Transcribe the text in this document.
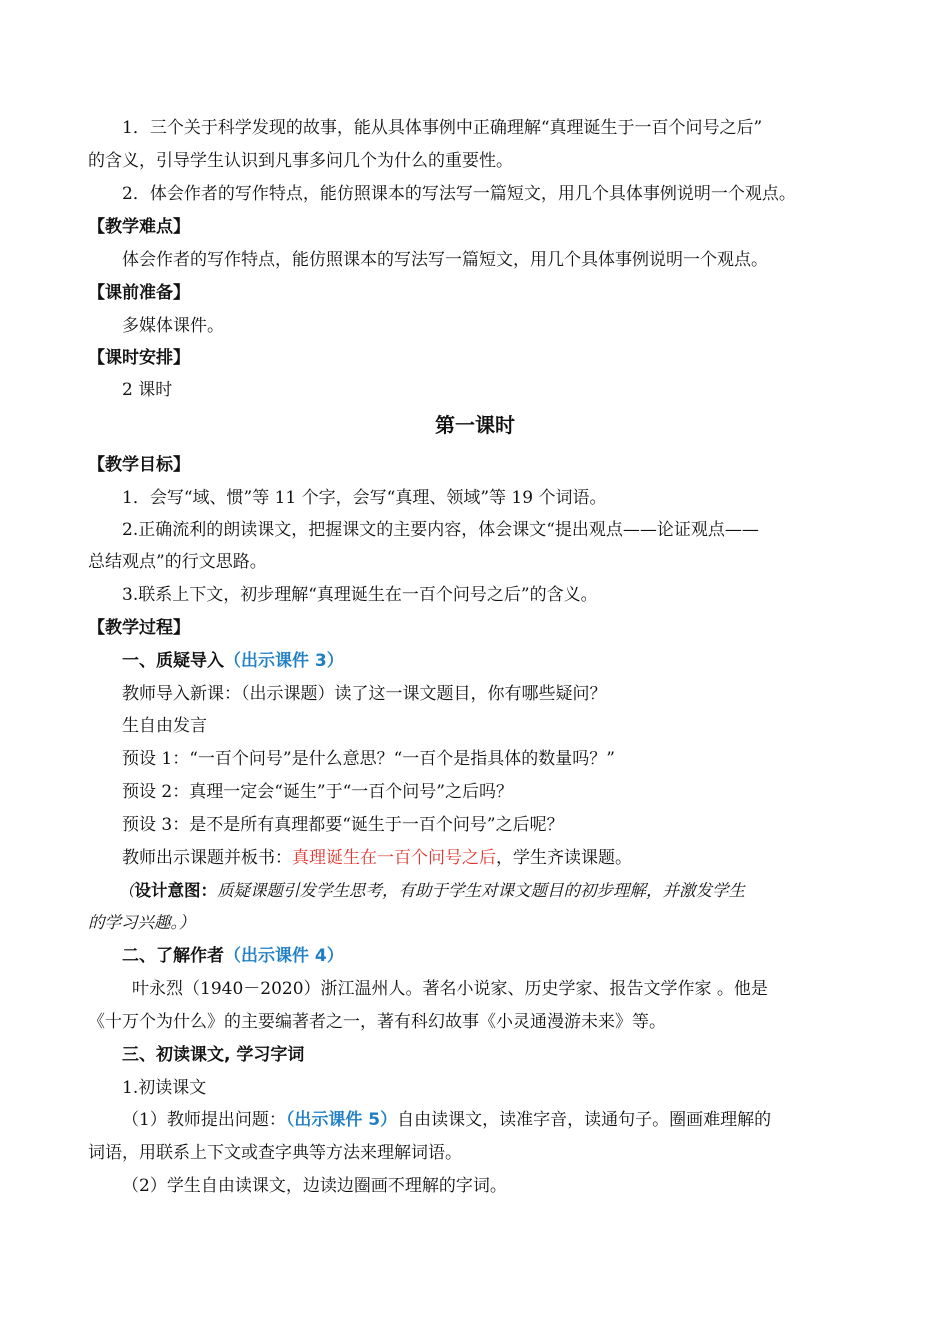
1．三个关于科学发现的故事，能从具体事例中正确理解“真理诞生于一百个问号之后”
的含义，引导学生认识到凡事多问几个为什么的重要性。
2．体会作者的写作特点，能仿照课本的写法写一篇短文，用几个具体事例说明一个观点。
【教学难点】
体会作者的写作特点，能仿照课本的写法写一篇短文，用几个具体事例说明一个观点。
【课前准备】
多媒体课件。
【课时安排】
2 课时
第一课时
【教学目标】
1．会写“域、惯”等 11 个字，会写“真理、领域”等 19 个词语。
2.正确流利的朗读课文，把握课文的主要内容，体会课文“提出观点——论证观点——
总结观点”的行文思路。
3.联系上下文，初步理解“真理诞生在一百个问号之后”的含义。
【教学过程】
一、质疑导入（出示课件 3）
教师导入新课：（出示课题）读了这一课文题目，你有哪些疑问？
生自由发言
预设 1：“一百个问号”是什么意思？“一百个是指具体的数量吗？”
预设 2：真理一定会“诞生”于“一百个问号”之后吗？
预设 3：是不是所有真理都要“诞生于一百个问号”之后呢？
教师出示课题并板书：真理诞生在一百个问号之后，学生齐读课题。
（设计意图：质疑课题引发学生思考，有助于学生对课文题目的初步理解，并激发学生
的学习兴趣。）
二、了解作者（出示课件 4）
叶永烈（1940－2020）浙江温州人。著名小说家、历史学家、报告文学作家 。他是
《十万个为什么》的主要编著者之一，著有科幻故事《小灵通漫游未来》等。
三、初读课文, 学习字词
1.初读课文
（1）教师提出问题：（出示课件 5）自由读课文，读准字音，读通句子。圈画难理解的
词语，用联系上下文或查字典等方法来理解词语。
（2）学生自由读课文，边读边圈画不理解的字词。
